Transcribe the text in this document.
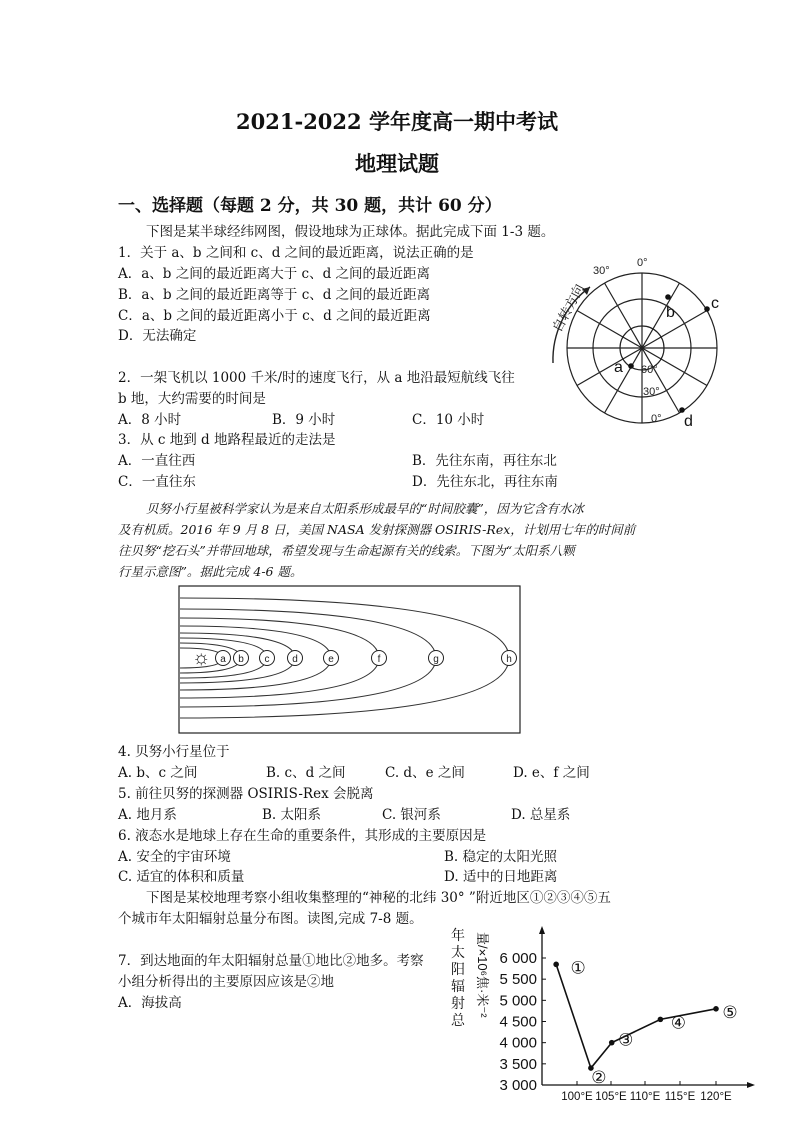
2021-2022 学年度高一期中考试
地理试题
一、选择题（每题 2 分，共 30 题，共计 60 分）
下图是某半球经纬网图，假设地球为正球体。据此完成下面 1-3 题。
1．关于 a、b 之间和 c、d 之间的最近距离，说法正确的是
A．a、b 之间的最近距离大于 c、d 之间的最近距离
B．a、b 之间的最近距离等于 c、d 之间的最近距离
C．a、b 之间的最近距离小于 c、d 之间的最近距离
D．无法确定
2．一架飞机以 1000 千米/时的速度飞行，从 a 地沿最短航线飞往
b 地，大约需要的时间是
A．8 小时	B．9 小时	C．10 小时
3．从 c 地到 d 地路程最近的走法是
A．一直往西	B．先往东南，再往东北
C．一直往东	D．先往东北，再往东南
自转方向
0°
30°
60°
30°
0°
a
b
c
d
贝努小行星被科学家认为是来自太阳系形成最早的“时间胶囊”，因为它含有水冰
及有机质。2016 年 9 月 8 日，美国 NASA 发射探测器 OSIRIS-Rex，计划用七年的时间前
往贝努“挖石头”并带回地球，希望发现与生命起源有关的线索。下图为“太阳系八颗
行星示意图”。据此完成 4-6 题。
☼ a b c d	e	f	g	h
4. 贝努小行星位于
A. b、c 之间	B. c、d 之间	C. d、e 之间	D. e、f 之间
5. 前往贝努的探测器 OSIRIS-Rex 会脱离
A. 地月系	B. 太阳系	C. 银河系	D. 总星系
6. 液态水是地球上存在生命的重要条件，其形成的主要原因是
A. 安全的宇宙环境	B. 稳定的太阳光照
C. 适宜的体积和质量	D. 适中的日地距离
下图是某校地理考察小组收集整理的“神秘的北纬 30° ”附近地区①②③④⑤五
个城市年太阳辐射总量分布图。读图,完成 7-8 题。
7．到达地面的年太阳辐射总量①地比②地多。考察
小组分析得出的主要原因应该是②地
A．海拔高
6 000
5 500
5 000
4 500
4 000
3 500
3 000
100°E 105°E 110°E 115°E 120°E
年
太
阳
辐
射
总
量/×10⁶焦·米⁻²	①
②
③
④
⑤
